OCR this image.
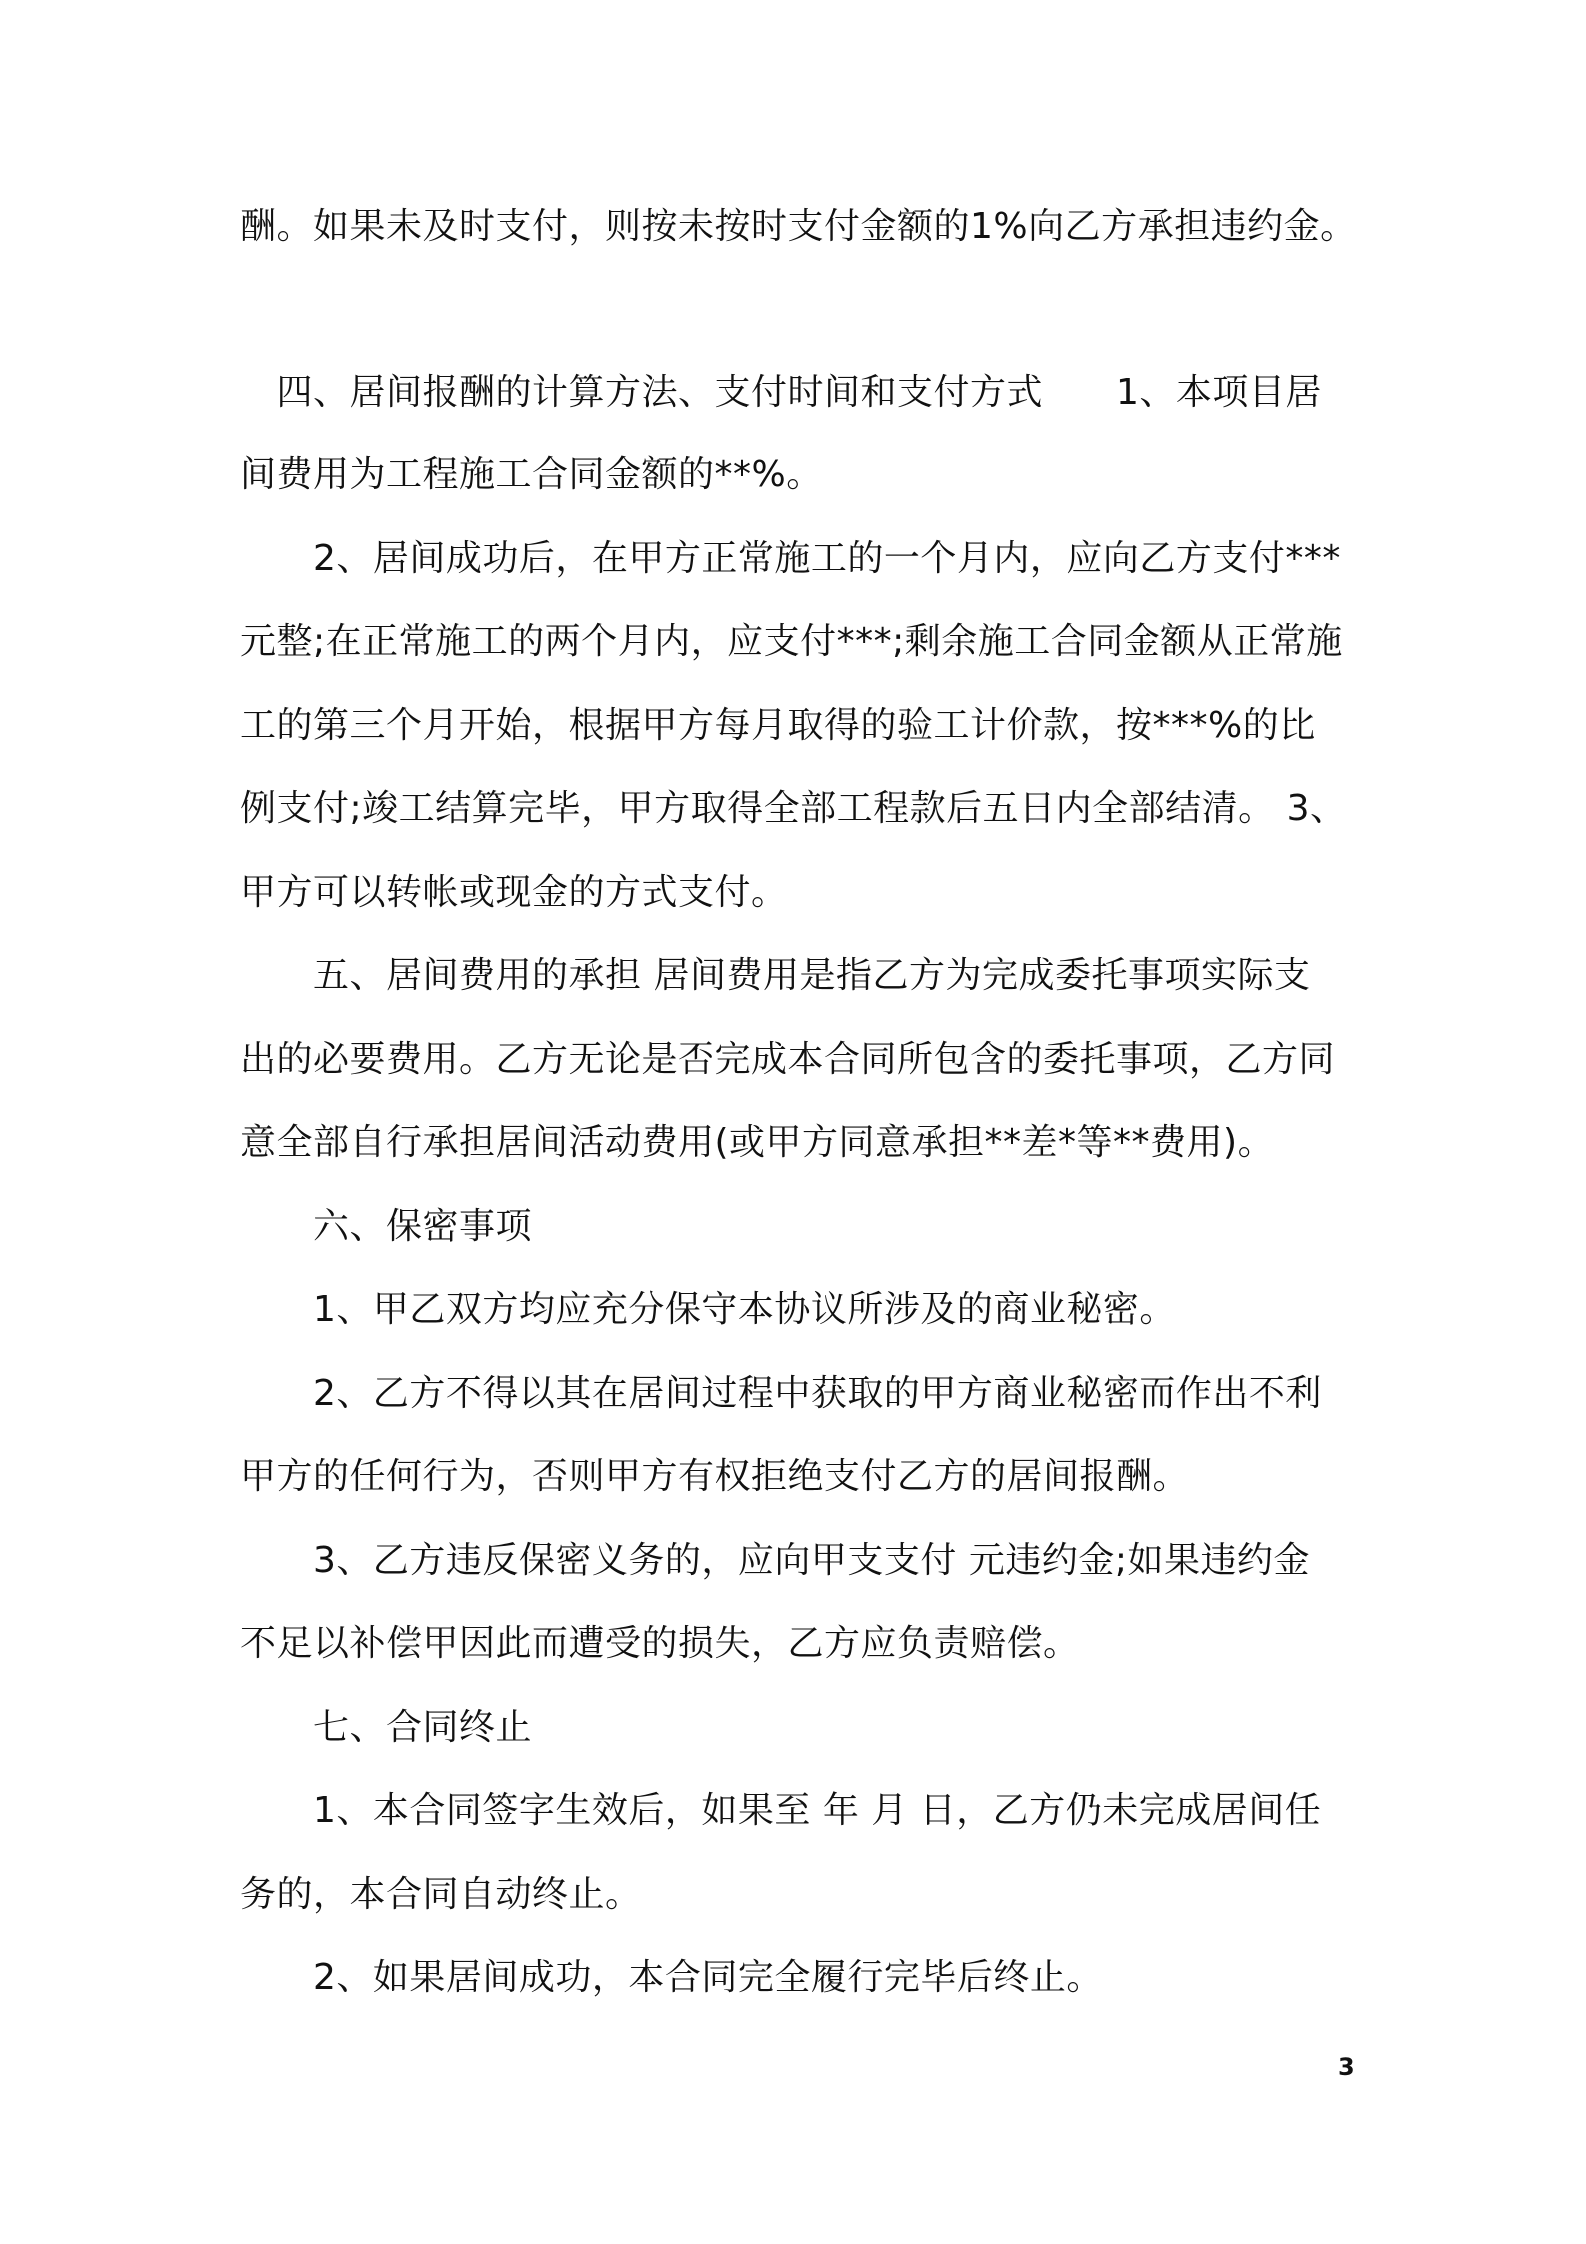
酬。如果未及时支付，则按未按时支付金额的1%向乙方承担违约金。
　四、居间报酬的计算方法、支付时间和支付方式　　1、本项目居
间费用为工程施工合同金额的**%。
　　2、居间成功后，在甲方正常施工的一个月内，应向乙方支付***
元整;在正常施工的两个月内，应支付***;剩余施工合同金额从正常施
工的第三个月开始，根据甲方每月取得的验工计价款，按***%的比
例支付;竣工结算完毕，甲方取得全部工程款后五日内全部结清。 3、
甲方可以转帐或现金的方式支付。
　　五、居间费用的承担 居间费用是指乙方为完成委托事项实际支
出的必要费用。乙方无论是否完成本合同所包含的委托事项，乙方同
意全部自行承担居间活动费用(或甲方同意承担**差*等**费用)。
　　六、保密事项
　　1、甲乙双方均应充分保守本协议所涉及的商业秘密。
　　2、乙方不得以其在居间过程中获取的甲方商业秘密而作出不利
甲方的任何行为，否则甲方有权拒绝支付乙方的居间报酬。
　　3、乙方违反保密义务的，应向甲支支付 元违约金;如果违约金
不足以补偿甲因此而遭受的损失，乙方应负责赔偿。
　　七、合同终止
　　1、本合同签字生效后，如果至 年 月 日，乙方仍未完成居间任
务的，本合同自动终止。
　　2、如果居间成功，本合同完全履行完毕后终止。
3
